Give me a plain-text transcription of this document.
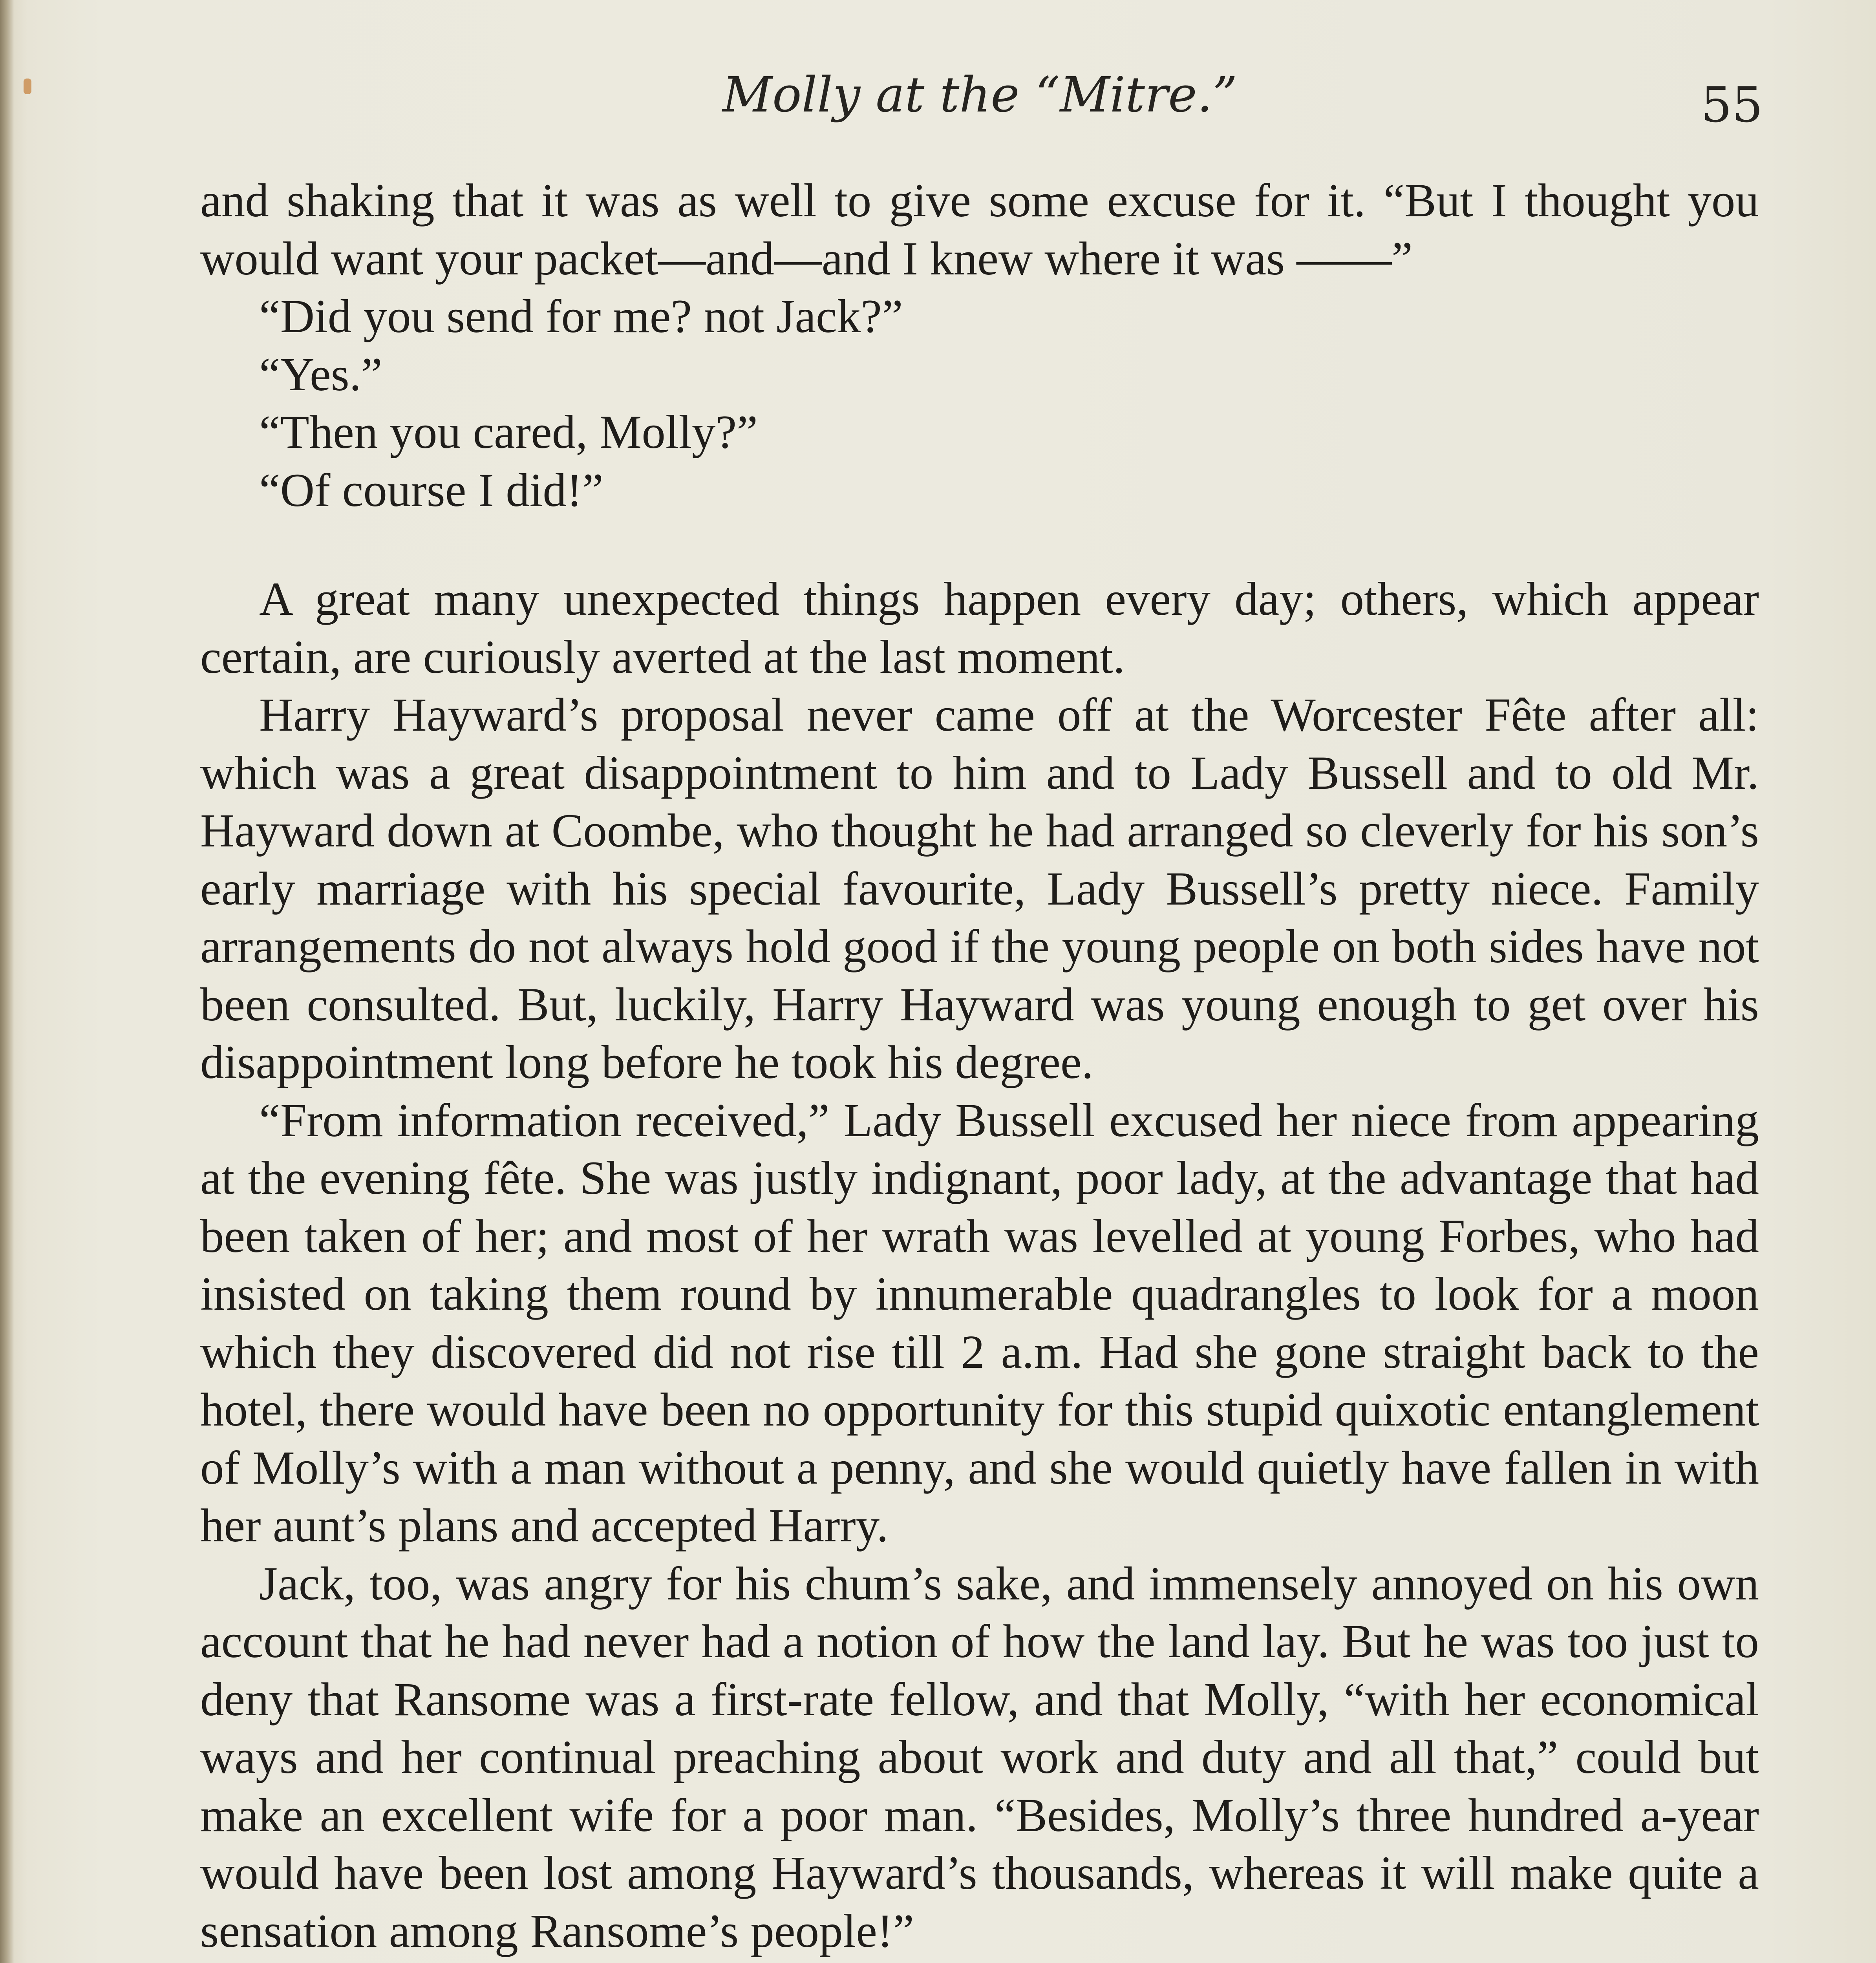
Molly at the “Mitre.”	55

and shaking that it was as well to give some excuse for it. “But I thought you would want your packet—and—and I knew where it was ——”

“Did you send for me? not Jack?”

“Yes.”

“Then you cared, Molly?”

“Of course I did!”

A great many unexpected things happen every day; others, which appear certain, are curiously averted at the last moment.

Harry Hayward’s proposal never came off at the Worcester Fête after all: which was a great disappointment to him and to Lady Bussell and to old Mr. Hayward down at Coombe, who thought he had arranged so cleverly for his son’s early marriage with his special favourite, Lady Bussell’s pretty niece. Family arrangements do not always hold good if the young people on both sides have not been consulted. But, luckily, Harry Hayward was young enough to get over his disappointment long before he took his degree.

“From information received,” Lady Bussell excused her niece from appearing at the evening fête. She was justly indignant, poor lady, at the advantage that had been taken of her; and most of her wrath was levelled at young Forbes, who had insisted on taking them round by innumerable quadrangles to look for a moon which they discovered did not rise till 2 a.m. Had she gone straight back to the hotel, there would have been no opportunity for this stupid quixotic entanglement of Molly’s with a man without a penny, and she would quietly have fallen in with her aunt’s plans and accepted Harry.

Jack, too, was angry for his chum’s sake, and immensely annoyed on his own account that he had never had a notion of how the land lay. But he was too just to deny that Ransome was a first-rate fellow, and that Molly, “with her economical ways and her continual preaching about work and duty and all that,” could but make an excellent wife for a poor man. “Besides, Molly’s three hundred a-year would have been lost among Hayward’s thousands, whereas it will make quite a sensation among Ransome’s people!”
